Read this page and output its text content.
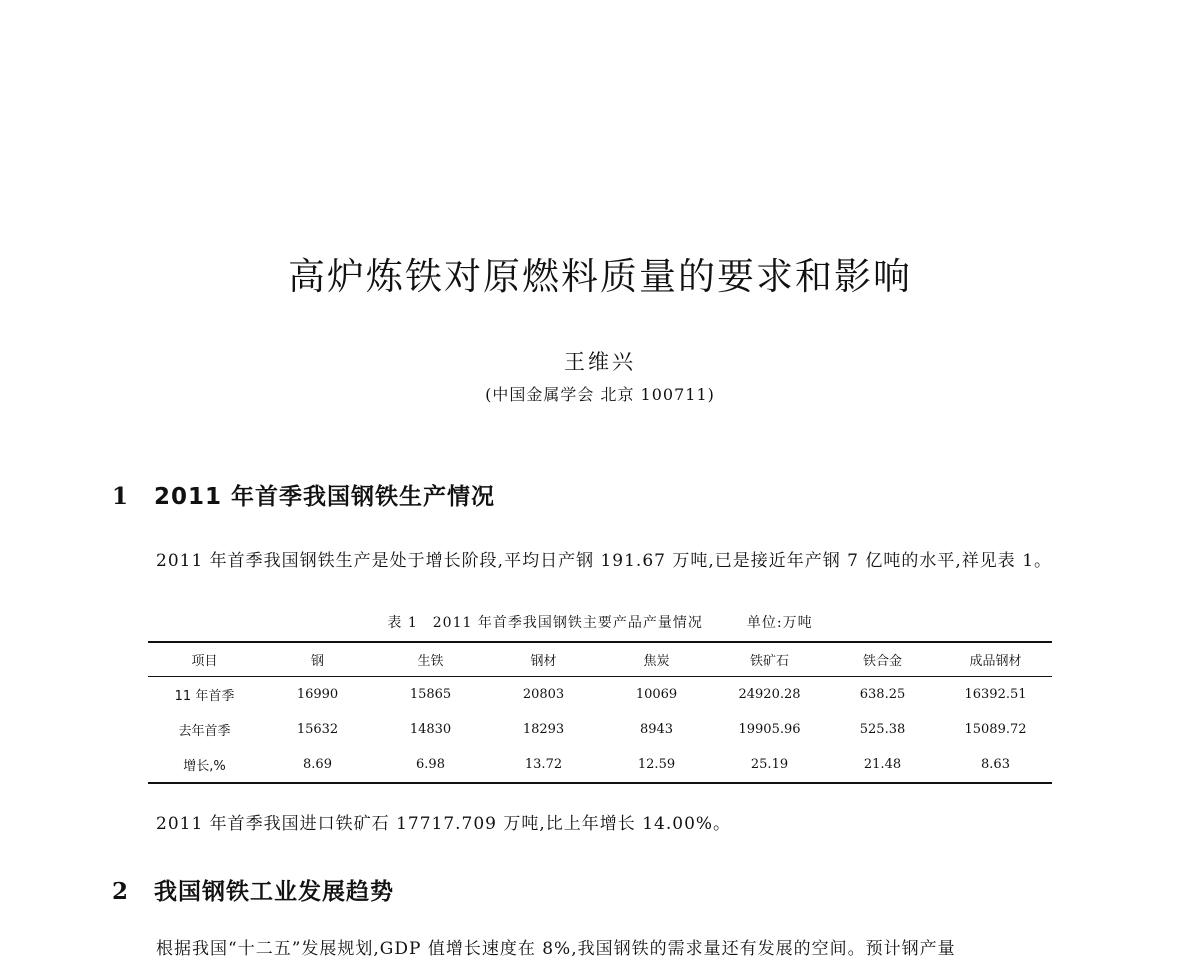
高炉炼铁对原燃料质量的要求和影响
王维兴
(中国金属学会 北京 100711)
1 2011 年首季我国钢铁生产情况
2011 年首季我国钢铁生产是处于增长阶段,平均日产钢 191.67 万吨,已是接近年产钢 7 亿吨的水平,祥见表 1。
表 1　2011 年首季我国钢铁主要产品产量情况	单位:万吨
项目	钢	生铁	钢材	焦炭	铁矿石	铁合金	成品钢材
11 年首季	16990	15865	20803	10069	24920.28	638.25	16392.51
去年首季	15632	14830	18293	8943	19905.96	525.38	15089.72
增长,%	8.69	6.98	13.72	12.59	25.19	21.48	8.63
2011 年首季我国进口铁矿石 17717.709 万吨,比上年增长 14.00%。
2 我国钢铁工业发展趋势
根据我国“十二五”发展规划,GDP 值增长速度在 8%,我国钢铁的需求量还有发展的空间。预计钢产量
